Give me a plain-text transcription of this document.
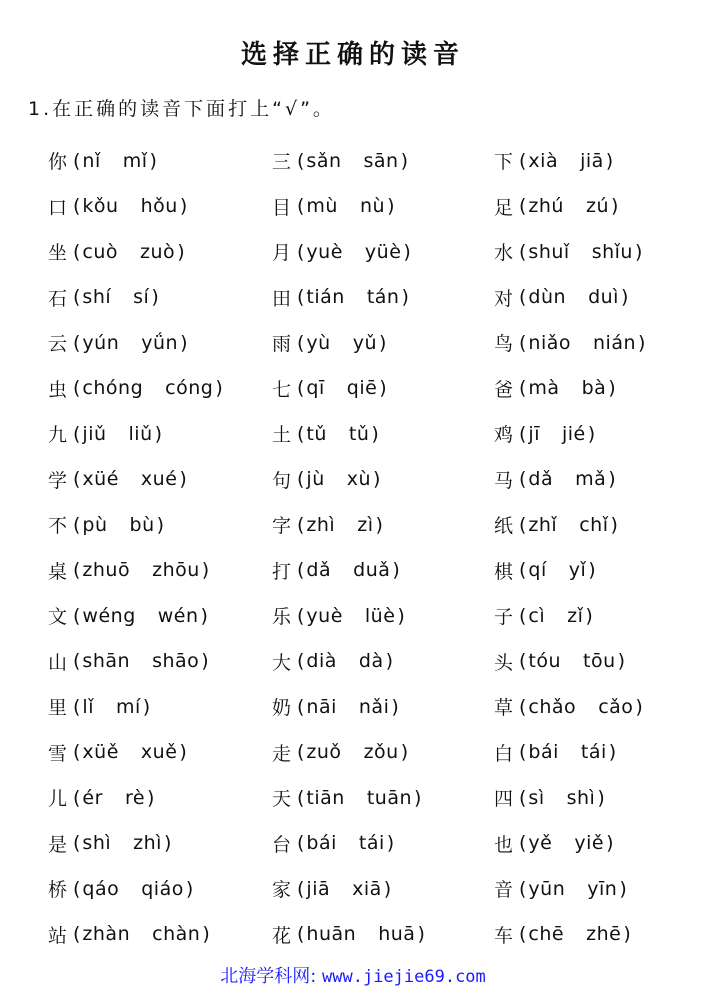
选择正确的读音
1.在正确的读音下面打上“√”。
你 ( nǐ mǐ )	三 ( sǎn sān )	下 ( xià jiā )
口 ( kǒu hǒu )	目 ( mù nù )	足 ( zhú zú )
坐 ( cuò zuò )	月 ( yuè yüè )	水 ( shuǐ shǐu )
石 ( shí sí )	田 ( tián tán )	对 ( dùn duì )
云 ( yún yǘn )	雨 ( yù yǔ )	鸟 ( niǎo nián )
虫 ( chóng cóng )	七 ( qī qiē )	爸 ( mà bà )
九 ( jiǔ liǔ )	土 ( tǔ tǔ )	鸡 ( jī jié )
学 ( xüé xué )	句 ( jù xù )	马 ( dǎ mǎ )
不 ( pù bù )	字 ( zhì zì )	纸 ( zhǐ chǐ )
桌 ( zhuō zhōu )	打 ( dǎ duǎ )	棋 ( qí yǐ )
文 ( wéng wén )	乐 ( yuè lüè )	子 ( cì zǐ )
山 ( shān shāo )	大 ( dià dà )	头 ( tóu tōu )
里 ( lǐ mí )	奶 ( nāi nǎi )	草 ( chǎo cǎo )
雪 ( xüě xuě )	走 ( zuǒ zǒu )	白 ( bái tái )
儿 ( ér rè )	天 ( tiān tuān )	四 ( sì shì )
是 ( shì zhì )	台 ( bái tái )	也 ( yě yiě )
桥 ( qáo qiáo )	家 ( jiā xiā )	音 ( yūn yīn )
站 ( zhàn chàn )	花 ( huān huā )	车 ( chē zhē )
北海学科网: www.jiejie69.com
